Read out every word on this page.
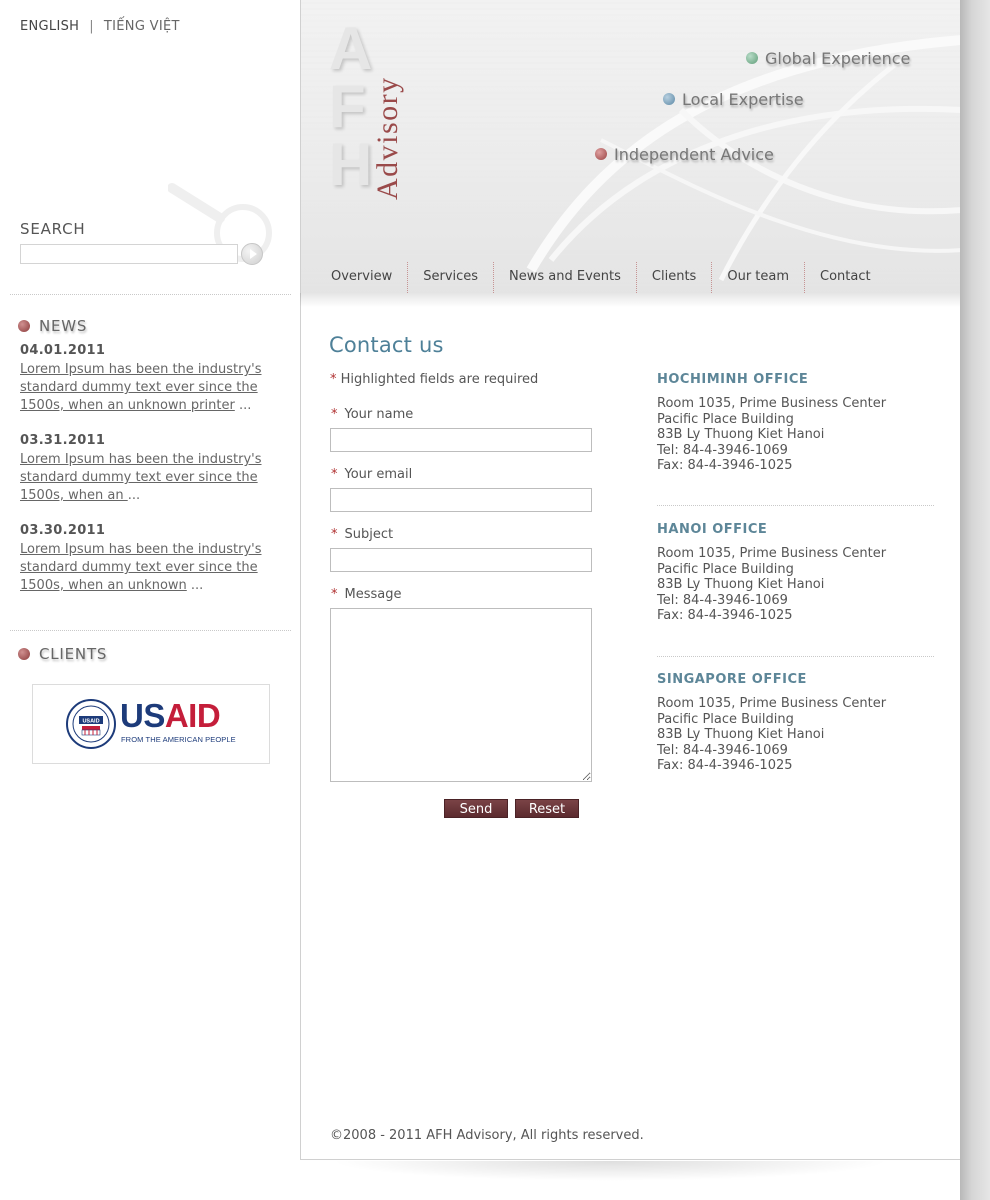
ENGLISH | TIẾNG VIỆT
SEARCH
NEWS
04.01.2011
Lorem Ipsum has been the industry's standard dummy text ever since the 1500s, when an unknown printer ...
03.31.2011
Lorem Ipsum has been the industry's standard dummy text ever since the 1500s, when an ...
03.30.2011
Lorem Ipsum has been the industry's standard dummy text ever since the 1500s, when an unknown ...
CLIENTS
USAID USAID
FROM THE AMERICAN PEOPLE
A
F
H
Advisory
Global Experience
Local Expertise
Independent Advice
Overview	Services	News and Events	Clients	Our team	Contact
Contact us
* Highlighted fields are required
* Your name
* Your email
* Subject
* Message
Send	Reset
HOCHIMINH OFFICE
Room 1035, Prime Business Center
Pacific Place Building
83B Ly Thuong Kiet Hanoi
Tel: 84-4-3946-1069
Fax: 84-4-3946-1025
HANOI OFFICE
Room 1035, Prime Business Center
Pacific Place Building
83B Ly Thuong Kiet Hanoi
Tel: 84-4-3946-1069
Fax: 84-4-3946-1025
SINGAPORE OFFICE
Room 1035, Prime Business Center
Pacific Place Building
83B Ly Thuong Kiet Hanoi
Tel: 84-4-3946-1069
Fax: 84-4-3946-1025
©2008 - 2011 AFH Advisory, All rights reserved.
